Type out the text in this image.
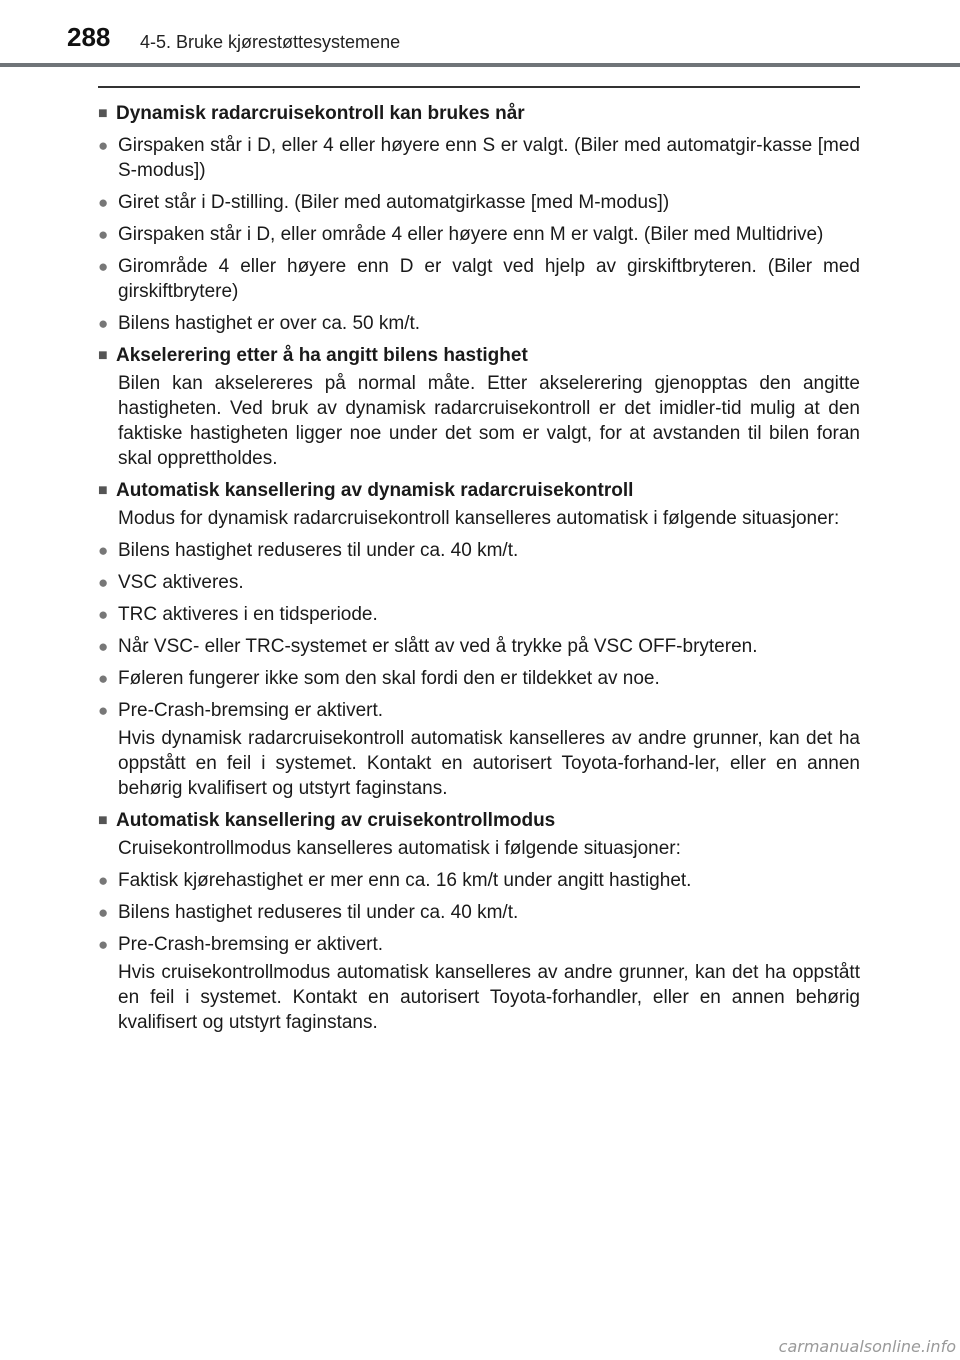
288 4-5. Bruke kjørestøttesystemene
■ Dynamisk radarcruisekontroll kan brukes når
● Girspaken står i D, eller 4 eller høyere enn S er valgt. (Biler med automatgir-kasse [med S-modus])
● Giret står i D-stilling. (Biler med automatgirkasse [med M-modus])
● Girspaken står i D, eller område 4 eller høyere enn M er valgt. (Biler med Multidrive)
● Girområde 4 eller høyere enn D er valgt ved hjelp av girskiftbryteren. (Biler med girskiftbrytere)
● Bilens hastighet er over ca. 50 km/t.
■ Akselerering etter å ha angitt bilens hastighet
Bilen kan akselereres på normal måte. Etter akselerering gjenopptas den angitte hastigheten. Ved bruk av dynamisk radarcruisekontroll er det imidler-tid mulig at den faktiske hastigheten ligger noe under det som er valgt, for at avstanden til bilen foran skal opprettholdes.
■ Automatisk kansellering av dynamisk radarcruisekontroll
Modus for dynamisk radarcruisekontroll kanselleres automatisk i følgende situasjoner:
● Bilens hastighet reduseres til under ca. 40 km/t.
● VSC aktiveres.
● TRC aktiveres i en tidsperiode.
● Når VSC- eller TRC-systemet er slått av ved å trykke på VSC OFF-bryteren.
● Føleren fungerer ikke som den skal fordi den er tildekket av noe.
● Pre-Crash-bremsing er aktivert.
Hvis dynamisk radarcruisekontroll automatisk kanselleres av andre grunner, kan det ha oppstått en feil i systemet. Kontakt en autorisert Toyota-forhand-ler, eller en annen behørig kvalifisert og utstyrt faginstans.
■ Automatisk kansellering av cruisekontrollmodus
Cruisekontrollmodus kanselleres automatisk i følgende situasjoner:
● Faktisk kjørehastighet er mer enn ca. 16 km/t under angitt hastighet.
● Bilens hastighet reduseres til under ca. 40 km/t.
● Pre-Crash-bremsing er aktivert.
Hvis cruisekontrollmodus automatisk kanselleres av andre grunner, kan det ha oppstått en feil i systemet. Kontakt en autorisert Toyota-forhandler, eller en annen behørig kvalifisert og utstyrt faginstans.
carmanualsonline.info
